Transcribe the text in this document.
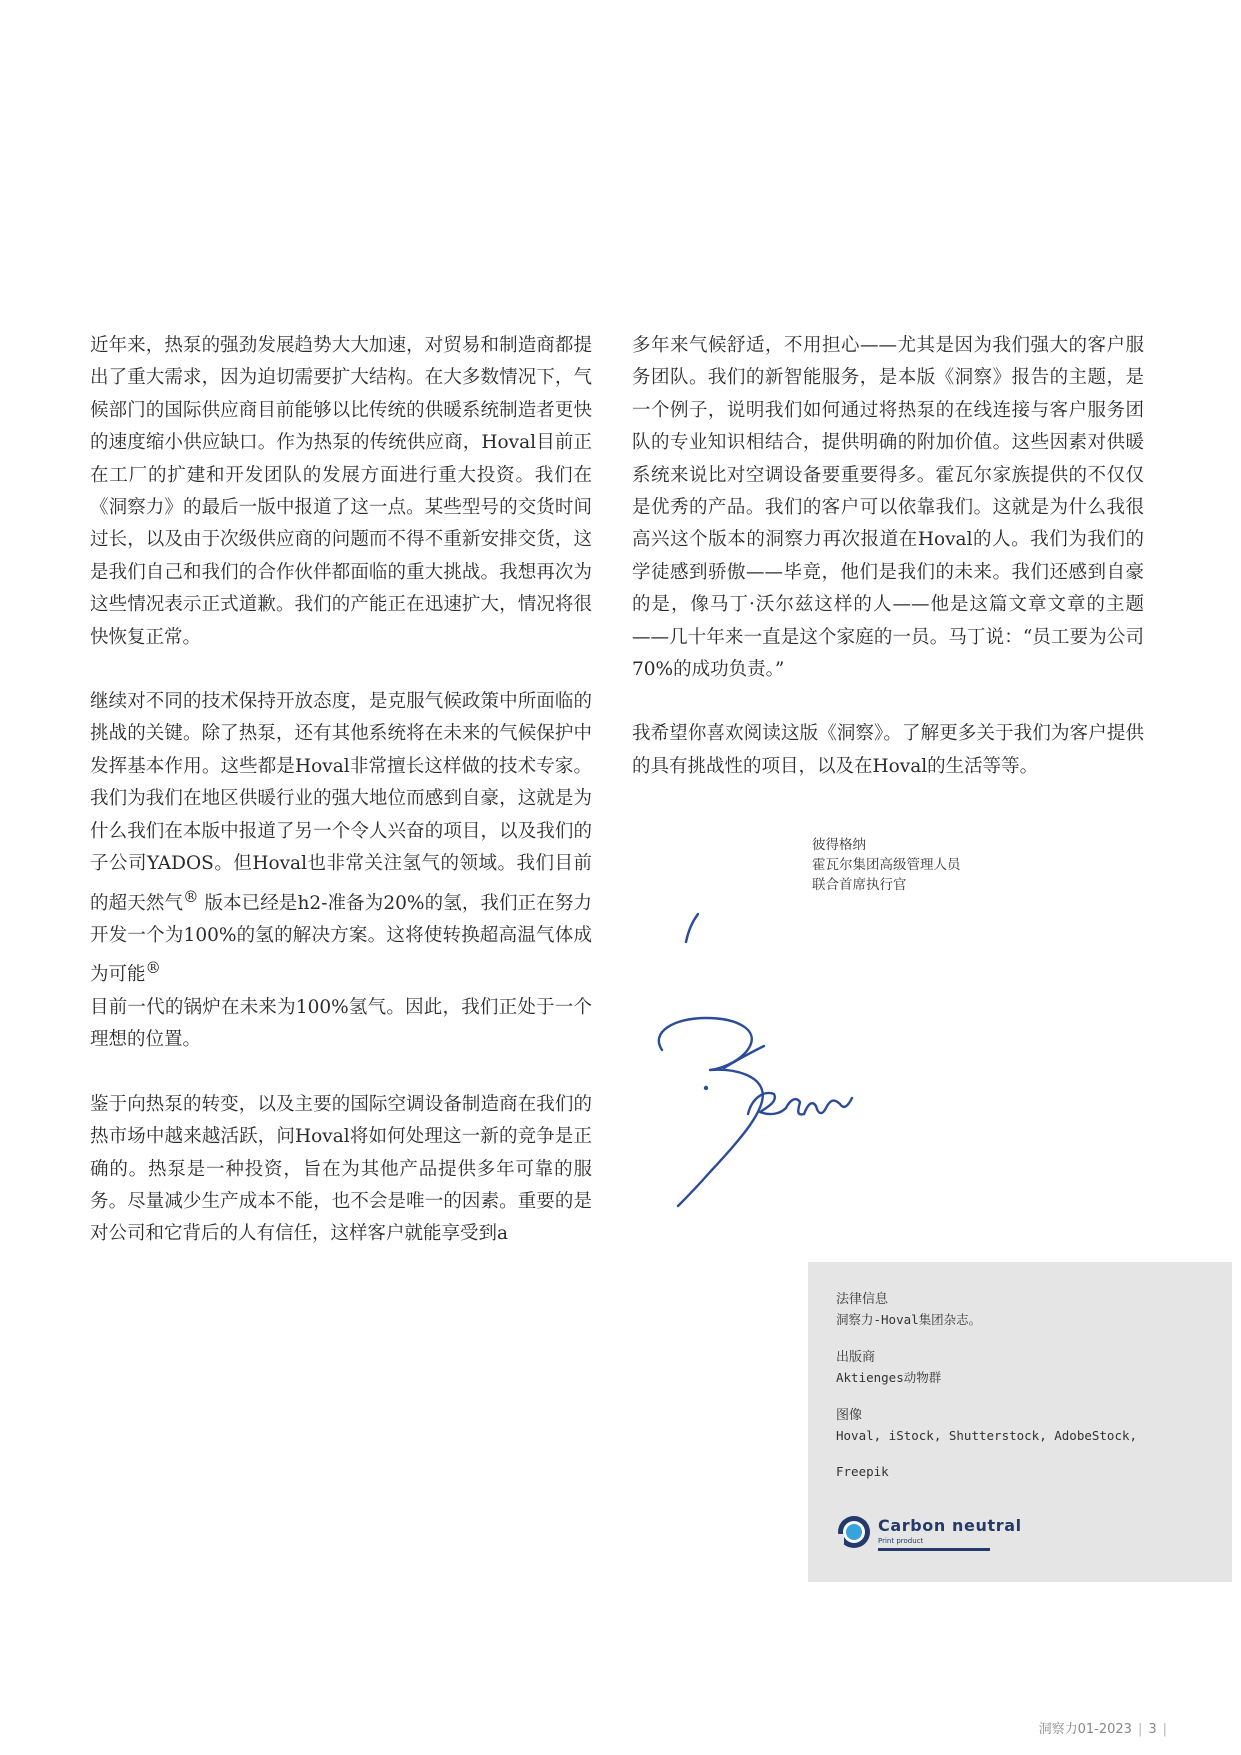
近年来，热泵的强劲发展趋势大大加速，对贸易和制造商都提出了重大需求，因为迫切需要扩大结构。在大多数情况下，气候部门的国际供应商目前能够以比传统的供暖系统制造者更快的速度缩小供应缺口。作为热泵的传统供应商，Hoval目前正在工厂的扩建和开发团队的发展方面进行重大投资。我们在《洞察力》的最后一版中报道了这一点。某些型号的交货时间过长，以及由于次级供应商的问题而不得不重新安排交货，这是我们自己和我们的合作伙伴都面临的重大挑战。我想再次为这些情况表示正式道歉。我们的产能正在迅速扩大，情况将很快恢复正常。

继续对不同的技术保持开放态度，是克服气候政策中所面临的挑战的关键。除了热泵，还有其他系统将在未来的气候保护中发挥基本作用。这些都是Hoval非常擅长这样做的技术专家。我们为我们在地区供暖行业的强大地位而感到自豪，这就是为什么我们在本版中报道了另一个令人兴奋的项目，以及我们的子公司YADOS。但Hoval也非常关注氢气的领域。我们目前的超天然气® 版本已经是h2-准备为20%的氢，我们正在努力开发一个为100%的氢的解决方案。这将使转换超高温气体成为可能®
目前一代的锅炉在未来为100%氢气。因此，我们正处于一个理想的位置。

鉴于向热泵的转变，以及主要的国际空调设备制造商在我们的热市场中越来越活跃，问Hoval将如何处理这一新的竞争是正确的。热泵是一种投资，旨在为其他产品提供多年可靠的服务。尽量减少生产成本不能，也不会是唯一的因素。重要的是对公司和它背后的人有信任，这样客户就能享受到a

多年来气候舒适，不用担心——尤其是因为我们强大的客户服务团队。我们的新智能服务，是本版《洞察》报告的主题，是一个例子，说明我们如何通过将热泵的在线连接与客户服务团队的专业知识相结合，提供明确的附加价值。这些因素对供暖系统来说比对空调设备要重要得多。霍瓦尔家族提供的不仅仅是优秀的产品。我们的客户可以依靠我们。这就是为什么我很高兴这个版本的洞察力再次报道在Hoval的人。我们为我们的学徒感到骄傲——毕竟，他们是我们的未来。我们还感到自豪的是，像马丁·沃尔兹这样的人——他是这篇文章文章的主题——几十年来一直是这个家庭的一员。马丁说：“员工要为公司70%的成功负责。”

我希望你喜欢阅读这版《洞察》。了解更多关于我们为客户提供的具有挑战性的项目，以及在Hoval的生活等等。

彼得格纳
霍瓦尔集团高级管理人员
联合首席执行官
法律信息
洞察力-Hoval集团杂志。
出版商
Aktienges动物群
图像
Hoval, iStock, Shutterstock, AdobeStock,
Freepik
Carbon neutral
Print product
洞察力01-2023 | 3 |
